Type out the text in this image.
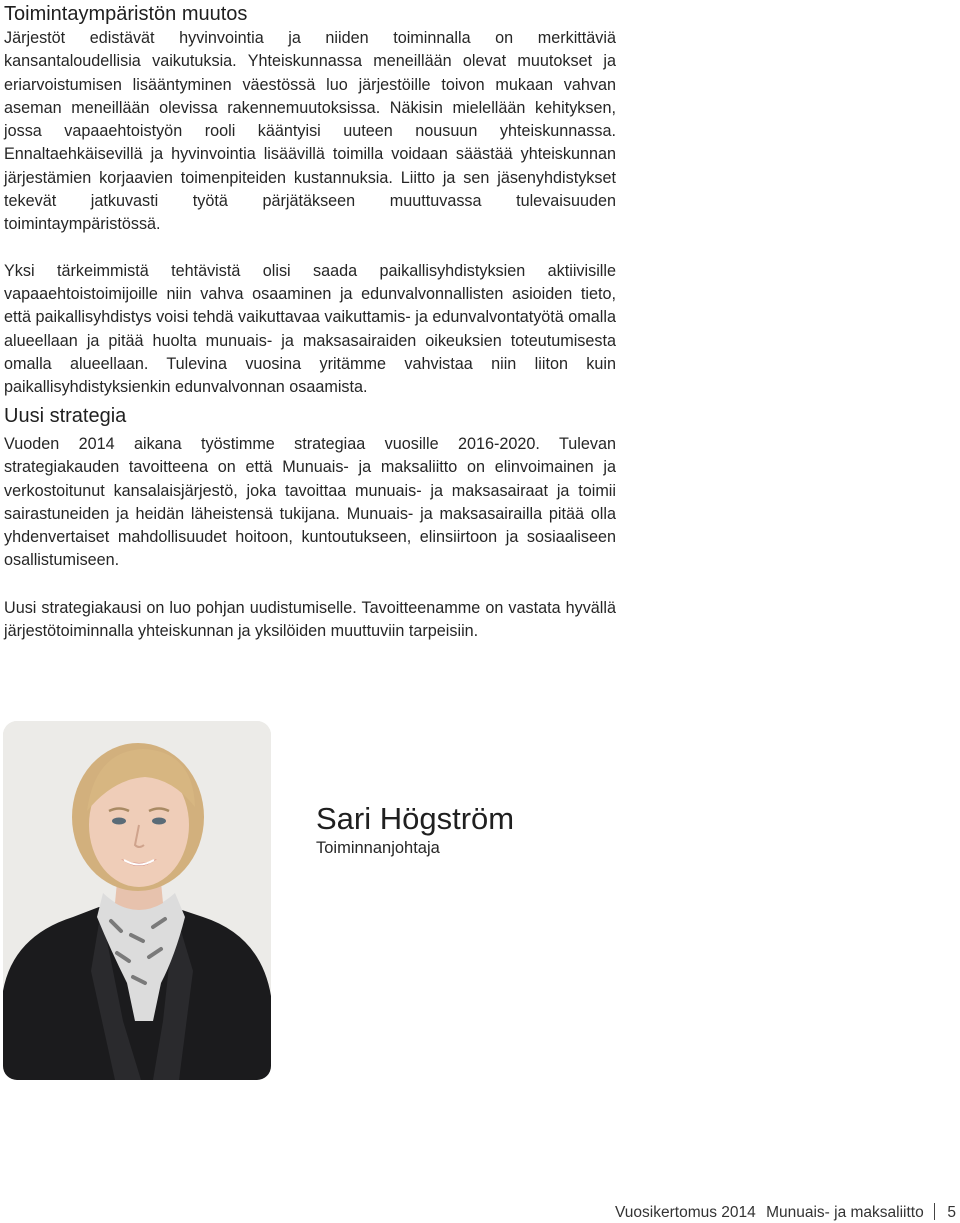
Toimintaympäristön muutos

Järjestöt edistävät hyvinvointia ja niiden toiminnalla on merkittäviä kansantaloudellisia vaikutuksia. Yhteiskunnassa meneillään olevat muutokset ja eriarvoistumisen lisääntyminen väestössä luo järjestöille toivon mukaan vahvan aseman meneillään olevissa rakennemuutoksissa. Näkisin mielellään kehityksen, jossa vapaaehtoistyön rooli kääntyisi uuteen nousuun yhteiskunnassa. Ennaltaehkäisevillä ja hyvinvointia lisäävillä toimilla voidaan säästää yhteiskunnan järjestämien korjaavien toimenpiteiden kustannuksia. Liitto ja sen jäsenyhdistykset tekevät jatkuvasti työtä pärjätäkseen muuttuvassa tulevaisuuden toimintaympäristössä.

Yksi tärkeimmistä tehtävistä olisi saada paikallisyhdistyksien aktiivisille vapaaehtoistoimijoille niin vahva osaaminen ja edunvalvonnallisten asioiden tieto, että paikallisyhdistys voisi tehdä vaikuttavaa vaikuttamis- ja edunvalvontatyötä omalla alueellaan ja pitää huolta munuais- ja maksasairaiden oikeuksien toteutumisesta omalla alueellaan. Tulevina vuosina yritämme vahvistaa niin liiton kuin paikallisyhdistyksienkin edunvalvonnan osaamista.

Uusi strategia

Vuoden 2014 aikana työstimme strategiaa vuosille 2016-2020. Tulevan strategiakauden tavoitteena on että Munuais- ja maksaliitto on elinvoimainen ja verkostoitunut kansalaisjärjestö, joka tavoittaa munuais- ja maksasairaat ja toimii sairastuneiden ja heidän läheistensä tukijana. Munuais- ja maksasairailla pitää olla yhdenvertaiset mahdollisuudet hoitoon, kuntoutukseen, elinsiirtoon ja sosiaaliseen osallistumiseen.

Uusi strategiakausi on luo pohjan uudistumiselle. Tavoitteenamme on vastata hyvällä järjestötoiminnalla yhteiskunnan ja yksilöiden muuttuviin tarpeisiin.

Sari Högström
Toiminnanjohtaja
Vuosikertomus 2014 Munuais- ja maksaliitto 5
